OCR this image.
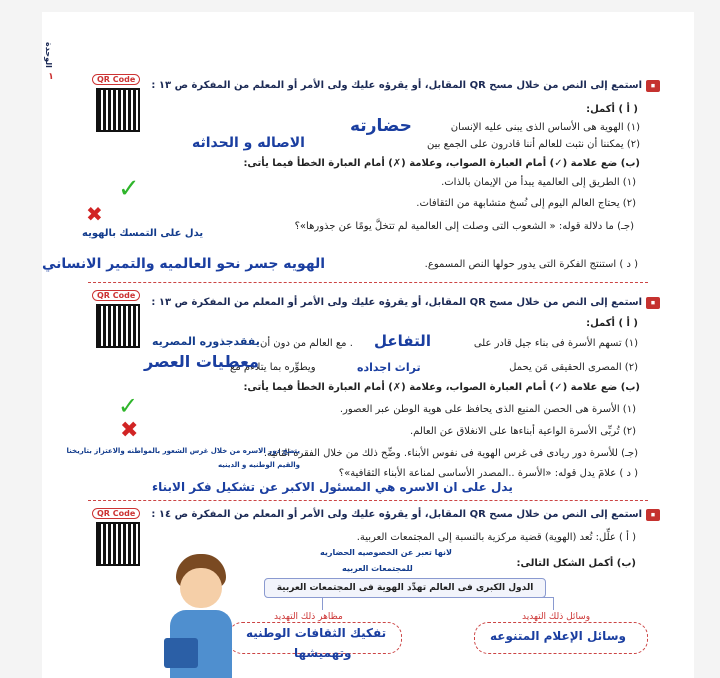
الوحدة
١	QR Code
⏹
استمع إلى النص من خلال مسح QR المقابل، أو يقرؤه عليك ولى الأمر أو المعلم من المفكرة ص ١٣ :
( أ ) أكمل:
(١) الهوية هى الأساس الذى يبنى عليه الإنسان
حضارته
(٢) يمكننا أن نثبت للعالم أننا قادرون على الجمع بين
الاصاله و الحداثه
(ب) ضع علامة (✓) أمام العبارة الصواب، وعلامة (✗) أمام العبارة الخطأ فيما يأتى:
(١) الطريق إلى العالمية يبدأ من الإيمان بالذات.
✓	(٢) يحتاج العالم اليوم إلى نُسخ متشابهة من الثقافات.
✖
(جـ) ما دلالة قوله: « الشعوب التى وصلت إلى العالمية لم تتخلَّ يومًا عن جذورها»؟
يدل على التمسك بالهويه
( د ) استنتج الفكرة التى يدور حولها النص المسموع.
الهويه جسر نحو العالميه والتمير الانساني
QR Code
⏹
استمع إلى النص من خلال مسح QR المقابل، أو يقرؤه عليك ولى الأمر أو المعلم من المفكرة ص ١٣ :
( أ ) أكمل:
(١) تسهم الأسرة فى بناء جيل قادر على
التفاعل
. مع العالم من دون أن
يفقدجذوره المصريه
(٢) المصرى الحقيقى مَن يحمل
تراث اجداده
ويطوِّره بما يتلاءم مع
معطيات العصر
(ب) ضع علامة (✓) أمام العبارة الصواب، وعلامة (✗) أمام العبارة الخطأ فيما يأتى:
(١) الأسرة هى الحصن المنيع الذى يحافظ على هوية الوطن عبر العصور.
✓
(٢) تُربِّى الأسرة الواعية أبناءها على الانغلاق عن العالم.
✖
(جـ) للأسرة دور ريادى فى غرس الهوية فى نفوس الأبناء. وضِّح ذلك من خلال الفقرة الثانية.
يتضح دور الاسره من خلال غرس الشعور بالمواطنه والاعتزاز بتاريخنا والقيم الوطنيه و الدينيه
( د ) علامَ يدل قوله: «الأسرة ..المصدر الأساسى لمناعة الأبناء الثقافية»؟
يدل على ان الاسره هي المسئول الاكبر عن تشكيل فكر الابناء
QR Code	⏹
استمع إلى النص من خلال مسح QR المقابل، أو يقرؤه عليك ولى الأمر أو المعلم من المفكرة ص ١٤ :
( أ ) علِّل: تُعد (الهوية) قضية مركزية بالنسبة إلى المجتمعات العربية.
لانها تعبر عن الخصوصيه الحضاريه
(ب) أكمل الشكل التالى:
للمجتمعات العربيه
الدول الكبرى فى العالم تهدِّد الهوية فى المجتمعات العربية
مظاهر ذلك التهديد
تفكيك الثقافات الوطنيه
وتهميشها
وسائل ذلك التهديد
وسائل الإعلام المتنوعه
